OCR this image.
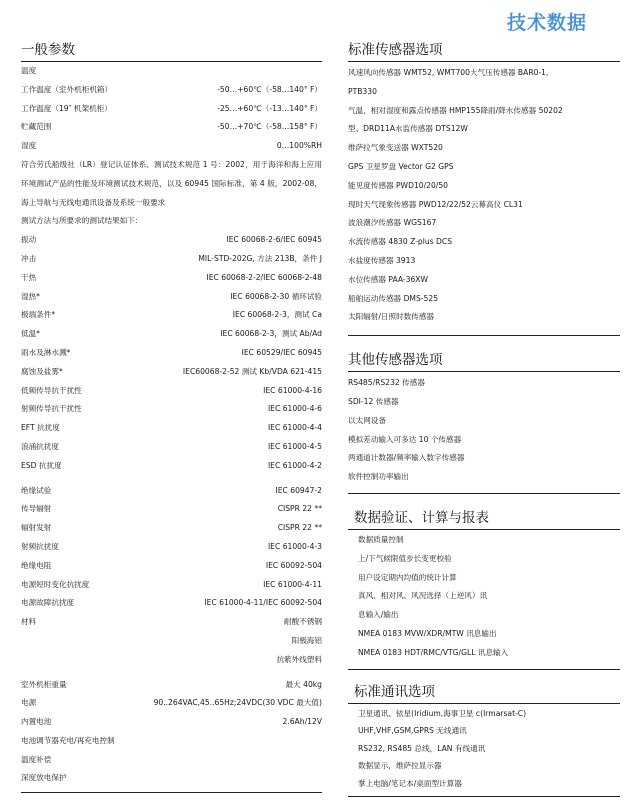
技术数据
一般参数
温度
工作温度（室外机柜机箱）	-50…+60℃（-58…140° F）
工作温度（19″ 机架机柜）	-25…+60℃（-13…140° F）
贮藏范围	-50…+70℃（-58…158° F）
湿度	0…100%RH
符合劳氏船级社（LR）登记认证体系、测试技术规范 1 号：2002，用于海洋和海上应用环境测试产品的性能及环境测试技术规范，以及 60945 国际标准，第 4 版，2002-08，海上导航与无线电通讯设备及系统一般要求
测试方法与所要求的测试结果如下：
振动	IEC 60068-2-6/IEC 60945
冲击	MIL-STD-202G, 方法 213B，条件 J
干热	IEC 60068-2-2/IEC 60068-2-48
湿热*	IEC 60068-2-30 循环试验
极端条件*	IEC 60068-2-3，测试 Ca
低温*	IEC 60068-2-3，测试 Ab/Ad
雨水及淋水溅*	IEC 60529/IEC 60945
腐蚀及盐雾*	IEC60068-2-52 测试 Kb/VDA 621-415
低频传导抗干扰性	IEC 61000-4-16
射频传导抗干扰性	IEC 61000-4-6
EFT 抗扰度	IEC 61000-4-4
浪涌抗扰度	IEC 61000-4-5
ESD 抗扰度	IEC 61000-4-2
绝缘试验	IEC 60947-2
传导辐射	CISPR 22 **
辐射发射	CISPR 22 **
射频抗扰度	IEC 61000-4-3
绝缘电阻	IEC 60092-504
电源短时变化抗扰度	IEC 61000-4-11
电源故障抗扰度	IEC 61000-4-11/IEC 60092-504
材料	耐酸不锈钢
阳极海铝
抗紫外线塑料
室外机柜重量	最大 40kg
电源	90..264VAC,45..65Hz;24VDC(30 VDC 最大值)
内置电池	2.6Ah/12V
电池调节器充电/再充电控制
温度补偿
深度放电保护
标准传感器选项
风速风向传感器 WMT52, WMT700大气压传感器 BAR0-1,
PTB330
气温、相对湿度和露点传感器 HMP155降雨/降水传感器 50202
型、DRD11A水监传感器 DTS12W
维萨拉气象变送器 WXT520
GPS 卫星罗盘 Vector G2 GPS
能见度传感器 PWD10/20/50
现时天气现象传感器 PWD12/22/52云幕高仪 CL31
波浪潮汐传感器 WGS167
水流传感器 4830 Z-plus DCS
水盐度传感器 3913
水位传感器 PAA-36XW
船舶运动传感器 DMS-525
太阳辐射/日照时数传感器
其他传感器选项
RS485/RS232 传感器
SDI-12 传感器
以太网设备
模拟差动输入可多达 10 个传感器
两通道计数器/频率输入数字传感器
软件控制功率输出
数据验证、计算与报表
数据质量控制
上/下气候限值步长变更校验
用户设定期内均值的统计计算
真风、相对风、风况选择（上逆风）讯
息输入/输出
NMEA 0183 MVW/XDR/MTW 讯息输出
NMEA 0183 HDT/RMC/VTG/GLL 讯息输入
标准通讯选项
卫星通讯、铱星(Iridium,海事卫星 c(Irmarsat-C)
UHF,VHF,GSM,GPRS 无线通讯
RS232, RS485 总线，LAN 有线通讯
数据显示，维萨拉显示器
掌上电脑/笔记本/桌面型计算器
